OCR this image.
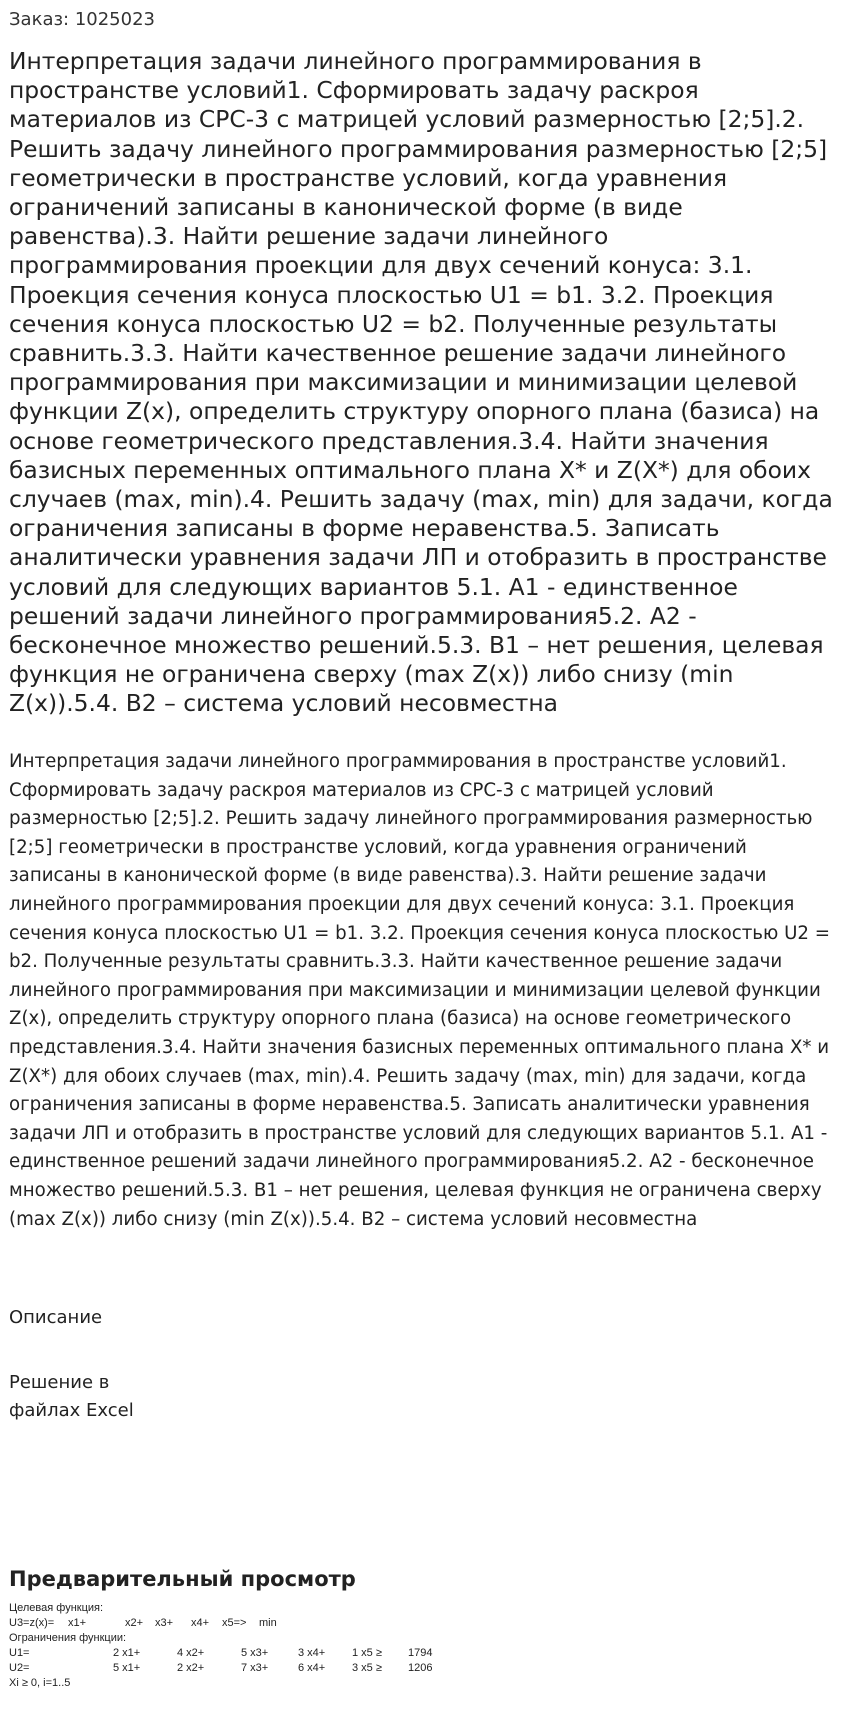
Заказ: 1025023
Интерпретация задачи линейного программирования в пространстве условий1. Сформировать задачу раскроя материалов из СРС-3 с матрицей условий размерностью [2;5].2. Решить задачу линейного программирования размерностью [2;5] геометрически в пространстве условий, когда уравнения ограничений записаны в канонической форме (в виде равенства).3. Найти решение задачи линейного программирования проекции для двух сечений конуса: 3.1. Проекция сечения конуса плоскостью U1 = b1. 3.2. Проекция сечения конуса плоскостью U2 = b2. Полученные результаты сравнить.3.3. Найти качественное решение задачи линейного программирования при максимизации и минимизации целевой функции Z(x), определить структуру опорного плана (базиса) на основе геометрического представления.3.4. Найти значения базисных переменных оптимального плана X* и Z(X*) для обоих случаев (max, min).4. Решить задачу (max, min) для задачи, когда ограничения записаны в форме неравенства.5. Записать аналитически уравнения задачи ЛП и отобразить в пространстве условий для следующих вариантов 5.1. А1 - единственное решений задачи линейного программирования5.2. А2 - бесконечное множество решений.5.3. В1 – нет решения, целевая функция не ограничена сверху (max Z(x)) либо снизу (min Z(x)).5.4. В2 – система условий несовместна
Интерпретация задачи линейного программирования в пространстве условий1. Сформировать задачу раскроя материалов из СРС-3 с матрицей условий размерностью [2;5].2. Решить задачу линейного программирования размерностью [2;5] геометрически в пространстве условий, когда уравнения ограничений записаны в канонической форме (в виде равенства).3. Найти решение задачи линейного программирования проекции для двух сечений конуса: 3.1. Проекция сечения конуса плоскостью U1 = b1. 3.2. Проекция сечения конуса плоскостью U2 = b2. Полученные результаты сравнить.3.3. Найти качественное решение задачи линейного программирования при максимизации и минимизации целевой функции Z(x), определить структуру опорного плана (базиса) на основе геометрического представления.3.4. Найти значения базисных переменных оптимального плана X* и Z(X*) для обоих случаев (max, min).4. Решить задачу (max, min) для задачи, когда ограничения записаны в форме неравенства.5. Записать аналитически уравнения задачи ЛП и отобразить в пространстве условий для следующих вариантов 5.1. А1 - единственное решений задачи линейного программирования5.2. А2 - бесконечное множество решений.5.3. В1 – нет решения, целевая функция не ограничена сверху (max Z(x)) либо снизу (min Z(x)).5.4. В2 – система условий несовместна
Описание
Решение в файлах Excel
Предварительный просмотр
Целевая функция:
U3=z(x)= x1+	x2+ x3+ x4+ x5=> min
Ограничения функции:
U1=	2 x1+	4 x2+	5 x3+	3 x4+ 1 x5 ≥ 1794
U2=	5 x1+	2 x2+	7 x3+	6 x4+ 3 x5 ≥ 1206
Xi ≥ 0, i=1..5
